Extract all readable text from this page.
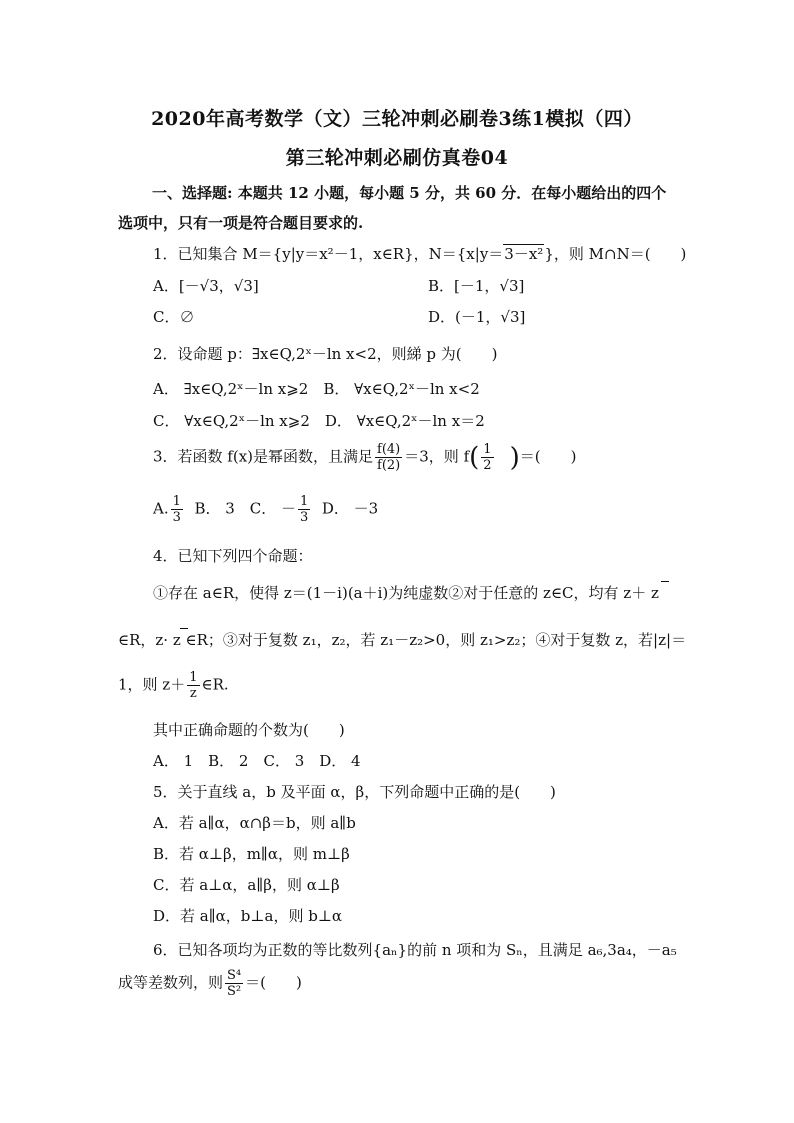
2020年高考数学（文）三轮冲刺必刷卷3练1模拟（四）
第三轮冲刺必刷仿真卷04
一、选择题: 本题共 12 小题，每小题 5 分，共 60 分．在每小题给出的四个
选项中，只有一项是符合题目要求的.
1．已知集合 M＝{y|y＝x²－1，x∈R}，N＝{x|y＝3－x²}，则 M∩N＝(　　)
A．[－√3，√3]	B．[－1，√3]
C．∅	D．(－1，√3]
2．设命题 p：∃x∈Q,2ˣ－ln x<2，则綈 p 为(　　)
A． ∃x∈Q,2ˣ－ln x⩾2　B． ∀x∈Q,2ˣ－ln x<2
C． ∀x∈Q,2ˣ－ln x⩾2　D． ∀x∈Q,2ˣ－ln x＝2
3．若函数 f(x)是幂函数，且满足 $\frac{f(4)}{f(2)} =3$，则 $f( \frac{1}{2}$ )＝(　　)
A. $\frac{1}{3}$ B． 3　C． － $\frac{1}{3}$ D． －3
4．已知下列四个命题：
①存在 a∈R，使得 z＝(1－i)(a＋i)为纯虚数②对于任意的 z∈C，均有 z＋ z
∈R，z· z ∈R；③对于复数 z₁，z₂，若 z₁－z₂>0，则 z₁>z₂；④对于复数 z，若|z|＝
1，则 $z+ \frac{1}{z}$ ∈R.
其中正确命题的个数为(　　)
A． 1　B． 2　C． 3　D． 4
5．关于直线 a，b 及平面 α，β，下列命题中正确的是(　　)
A．若 a∥α，α∩β＝b，则 a∥b
B．若 α⊥β，m∥α，则 m⊥β
C．若 a⊥α，a∥β，则 α⊥β
D．若 a∥α，b⊥a，则 b⊥α
6．已知各项均为正数的等比数列{aₙ}的前 n 项和为 Sₙ，且满足 a₆,3a₄，－a₅
成等差数列，则 $\frac{\text{S⁴}}{\text{S²}}$ ＝(　　)
